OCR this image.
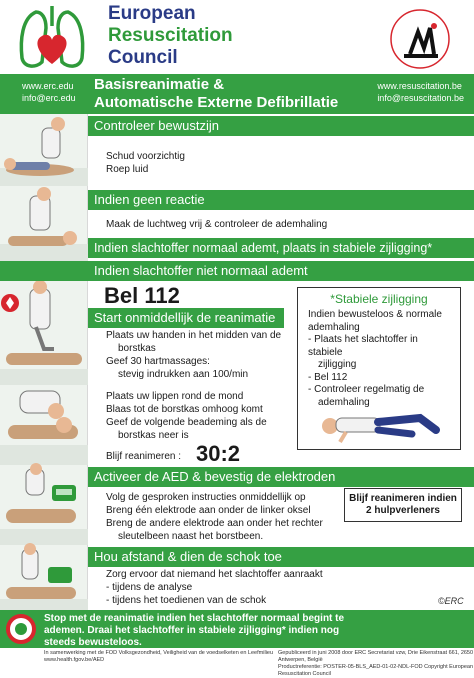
European
Resuscitation
Council
www.erc.edu
info@erc.edu
Basisreanimatie &
Automatische Externe Defibrillatie
www.resuscitation.be
info@resuscitation.be
Controleer bewustzijn
Schud voorzichtig
Roep luid
Indien geen reactie
Maak de luchtweg vrij & controleer de ademhaling
Indien slachtoffer normaal ademt, plaats in stabiele zijligging*
Indien slachtoffer niet normaal ademt
Bel 112
Start onmiddellijk de reanimatie
Plaats uw handen in het midden van de
borstkas
Geef 30 hartmassages:
stevig indrukken aan 100/min
Plaats uw lippen rond de mond
Blaas tot de borstkas omhoog komt
Geef de volgende beademing als de
borstkas neer is
Blijf reanimeren : 30:2
*Stabiele zijligging
Indien bewusteloos & normale
ademhaling
- Plaats het slachtoffer in stabiele
zijligging
- Bel 112
- Controleer regelmatig de
ademhaling
Activeer de AED & bevestig de elektroden
Volg de gesproken instructies onmiddellijk op
Breng één elektrode aan onder de linker oksel
Breng de andere elektrode aan onder het rechter
sleutelbeen naast het borstbeen.
Blijf reanimeren indien
2 hulpverleners
Hou afstand & dien de schok toe
Zorg ervoor dat niemand het slachtoffer aanraakt
- tijdens de analyse
- tijdens het toedienen van de schok	©ERC
Stop met de reanimatie indien het slachtoffer normaal begint te
ademen. Draai het slachtoffer in stabiele zijligging* indien nog
steeds bewusteloos.
In samenwerking met de FOD Volksgezondheid, Veiligheid van de voedselketen en Leefmilieu
www.health.fgov.be/AED
Gepubliceerd in juni 2008 door ERC Secretariat vzw, Drie Eikenstraat 661, 2650 Antwerpen, België
Productreferentie: POSTER-05-BLS_AED-01-02-NDL-FOD Copyright European Resuscitation Council
